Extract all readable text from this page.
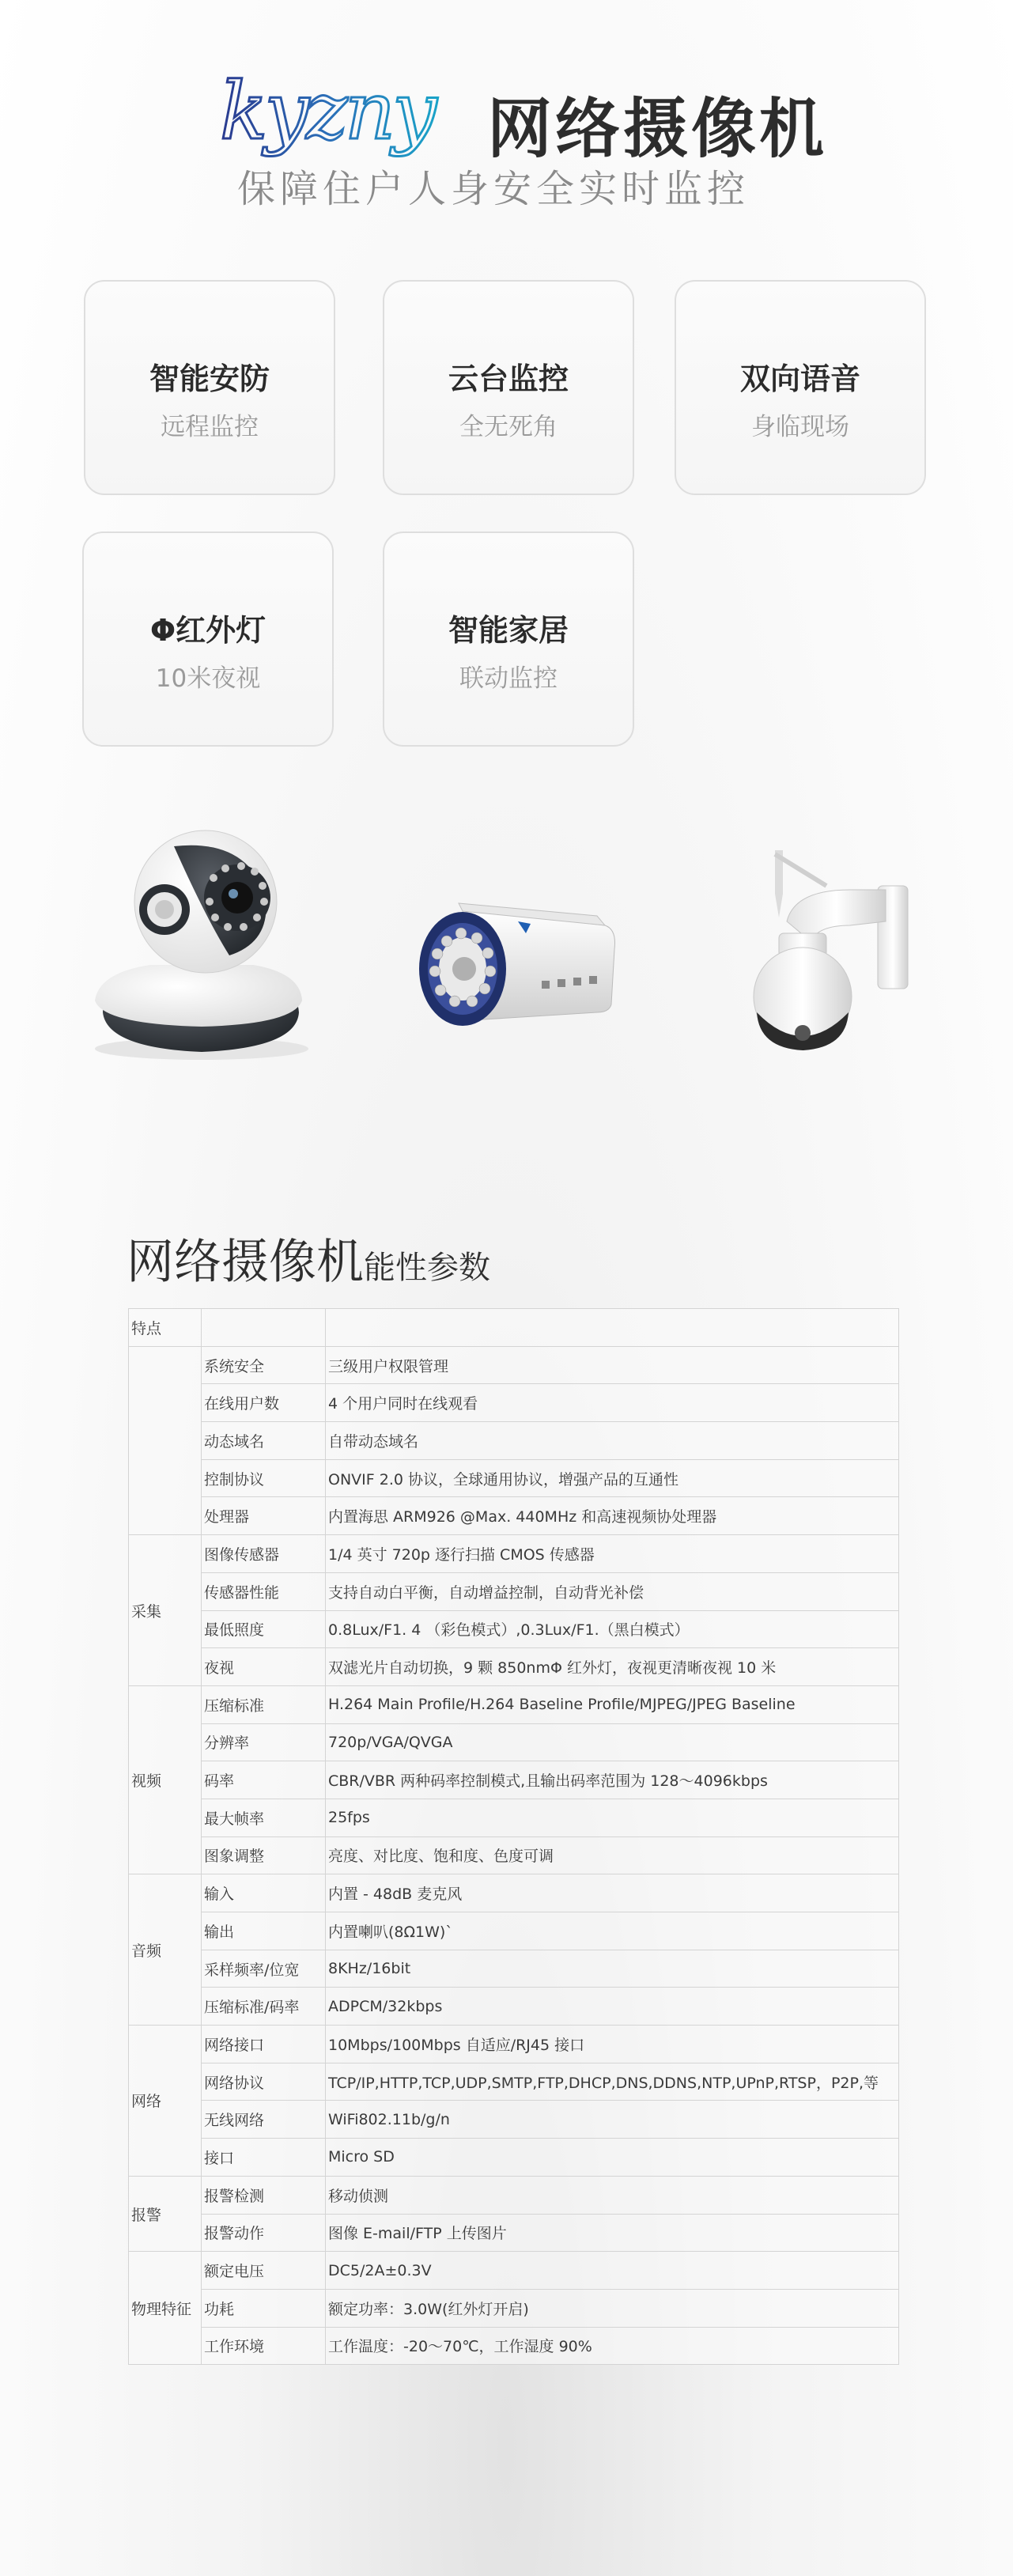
kyzny 网络摄像机
保障住户人身安全实时监控
智能安防
远程监控
云台监控
全无死角
双向语音
身临现场
Φ红外灯
10米夜视
智能家居
联动监控
网络摄像机能性参数
特点		
	系统安全	三级用户权限管理
	在线用户数	4 个用户同时在线观看
	动态域名	自带动态域名
	控制协议	ONVIF 2.0 协议，全球通用协议，增强产品的互通性
	处理器	内置海思 ARM926 @Max. 440MHz 和高速视频协处理器
采集	图像传感器	1/4 英寸 720p 逐行扫描 CMOS 传感器
	传感器性能	支持自动白平衡，自动增益控制，自动背光补偿
	最低照度	0.8Lux/F1. 4 （彩色模式）,0.3Lux/F1.（黑白模式）
	夜视	双滤光片自动切换，9 颗 850nmΦ 红外灯，夜视更清晰夜视 10 米
视频	压缩标准	H.264 Main Profile/H.264 Baseline Profile/MJPEG/JPEG Baseline
	分辨率	720p/VGA/QVGA
	码率	CBR/VBR 两种码率控制模式,且输出码率范围为 128～4096kbps
	最大帧率	25fps
	图象调整	亮度、对比度、饱和度、色度可调
音频	输入	内置 - 48dB 麦克风
	输出	内置喇叭(8Ω1W)`
	采样频率/位宽	8KHz/16bit
	压缩标准/码率	ADPCM/32kbps
网络	网络接口	10Mbps/100Mbps 自适应/RJ45 接口
	网络协议	TCP/IP,HTTP,TCP,UDP,SMTP,FTP,DHCP,DNS,DDNS,NTP,UPnP,RTSP，P2P,等
	无线网络	WiFi802.11b/g/n
	接口	Micro SD
报警	报警检测	移动侦测
	报警动作	图像 E-mail/FTP 上传图片
物理特征	额定电压	DC5/2A±0.3V
	功耗	额定功率：3.0W(红外灯开启)
	工作环境	工作温度：-20～70℃，工作湿度 90%
